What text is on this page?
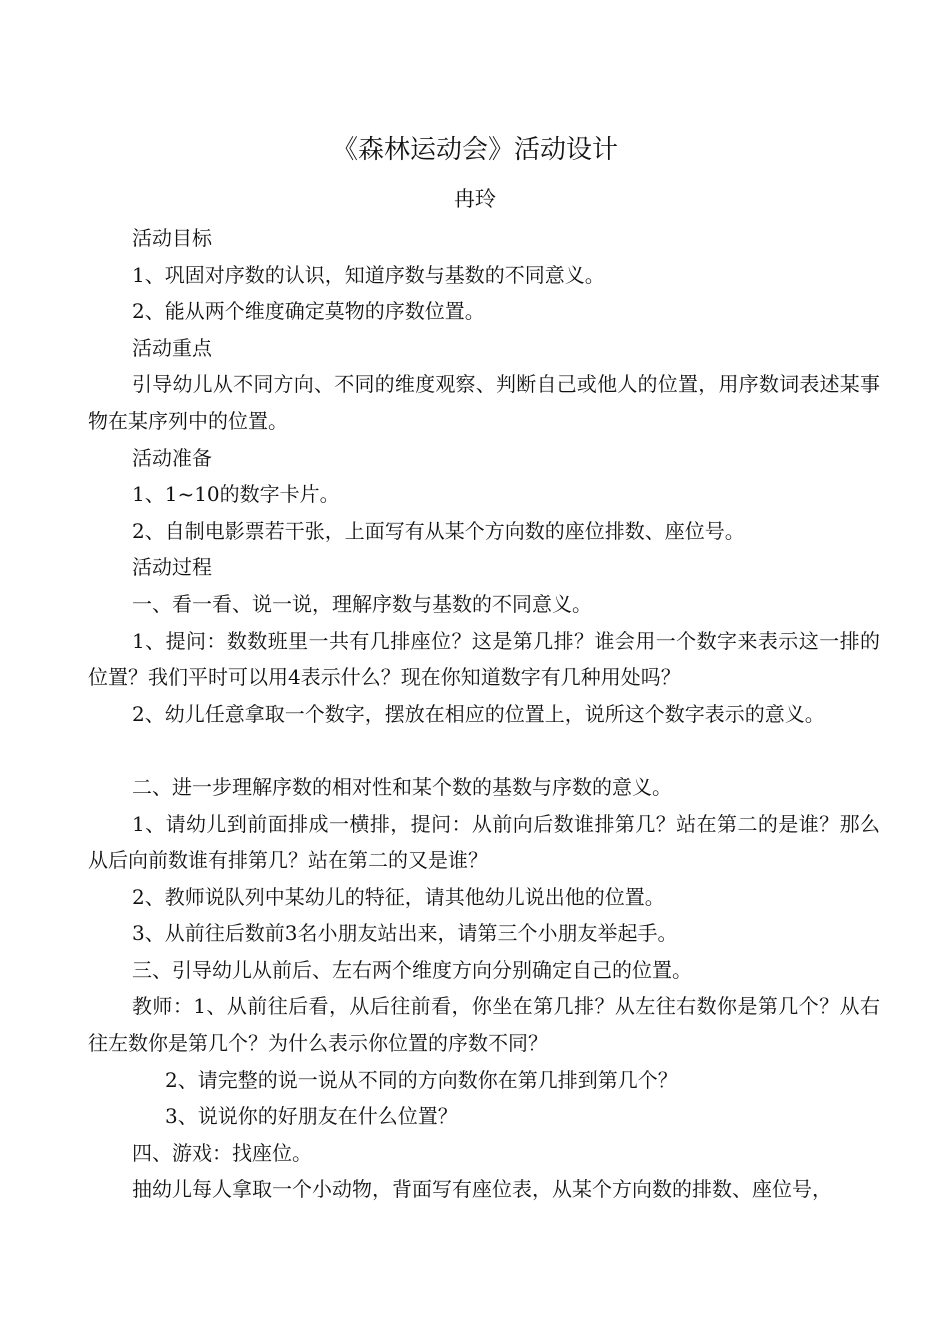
《森林运动会》活动设计
冉玲

活动目标

1、巩固对序数的认识，知道序数与基数的不同意义。

2、能从两个维度确定莫物的序数位置。

活动重点

引导幼儿从不同方向、不同的维度观察、判断自己或他人的位置，用序数词表述某事物在某序列中的位置。

活动准备

1、1~10的数字卡片。

2、自制电影票若干张，上面写有从某个方向数的座位排数、座位号。

活动过程

一、看一看、说一说，理解序数与基数的不同意义。

1、提问：数数班里一共有几排座位？这是第几排？谁会用一个数字来表示这一排的位置？我们平时可以用4表示什么？现在你知道数字有几种用处吗？

2、幼儿任意拿取一个数字，摆放在相应的位置上，说所这个数字表示的意义。

二、进一步理解序数的相对性和某个数的基数与序数的意义。

1、请幼儿到前面排成一横排，提问：从前向后数谁排第几？站在第二的是谁？那么从后向前数谁有排第几？站在第二的又是谁？

2、教师说队列中某幼儿的特征，请其他幼儿说出他的位置。

3、从前往后数前3名小朋友站出来，请第三个小朋友举起手。

三、引导幼儿从前后、左右两个维度方向分别确定自己的位置。

教师：1、从前往后看，从后往前看，你坐在第几排？从左往右数你是第几个？从右往左数你是第几个？为什么表示你位置的序数不同？

2、请完整的说一说从不同的方向数你在第几排到第几个？

3、说说你的好朋友在什么位置？

四、游戏：找座位。

抽幼儿每人拿取一个小动物，背面写有座位表，从某个方向数的排数、座位号，
